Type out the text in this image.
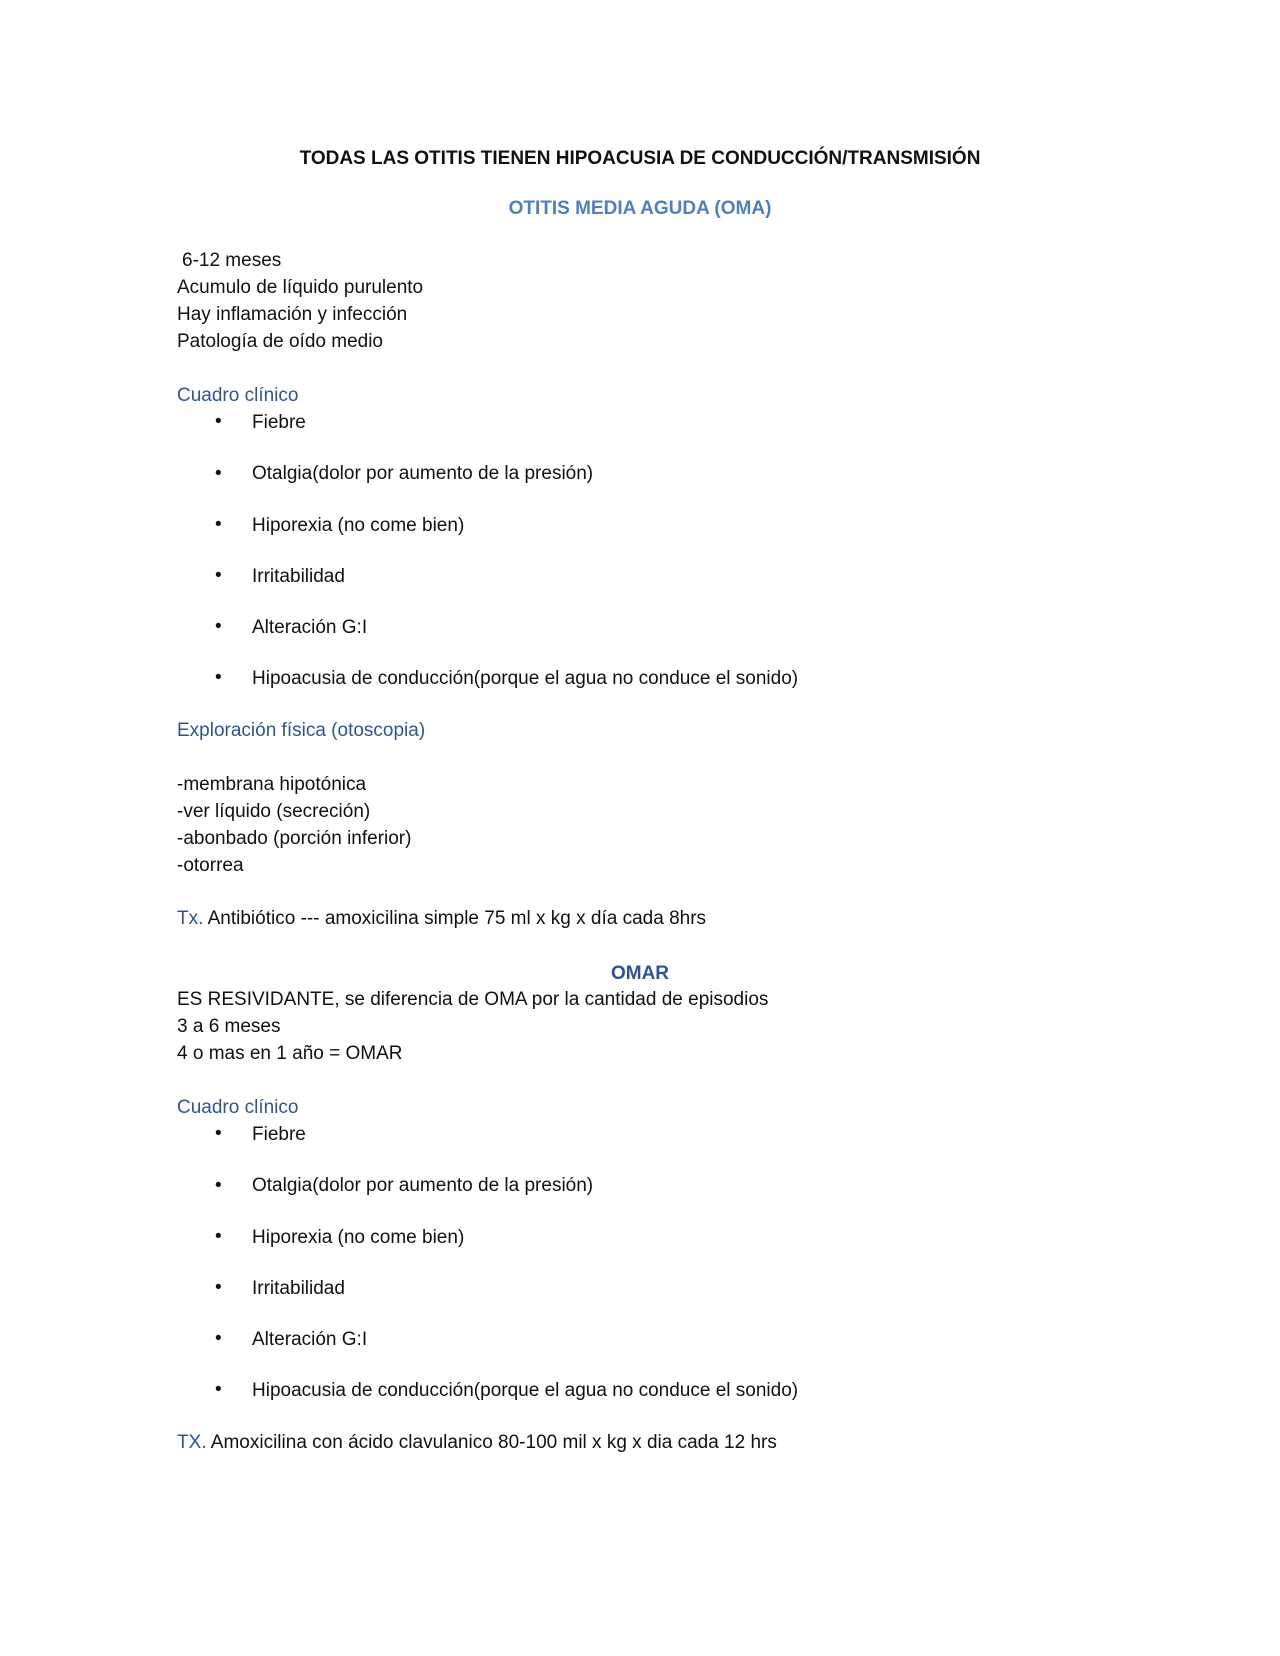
TODAS LAS OTITIS TIENEN HIPOACUSIA DE CONDUCCIÓN/TRANSMISIÓN
OTITIS MEDIA AGUDA (OMA)
6-12 meses
Acumulo de líquido purulento
Hay inflamación y infección
Patología de oído medio
Cuadro clínico
• Fiebre
• Otalgia(dolor por aumento de la presión)
• Hiporexia (no come bien)
• Irritabilidad
• Alteración G:I
• Hipoacusia de conducción(porque el agua no conduce el sonido)
Exploración física (otoscopia)
-membrana hipotónica
-ver líquido (secreción)
-abonbado (porción inferior)
-otorrea
Tx. Antibiótico --- amoxicilina simple 75 ml x kg x día cada 8hrs
OMAR
ES RESIVIDANTE, se diferencia de OMA por la cantidad de episodios
3 a 6 meses
4 o mas en 1 año = OMAR
Cuadro clínico
• Fiebre
• Otalgia(dolor por aumento de la presión)
• Hiporexia (no come bien)
• Irritabilidad
• Alteración G:I
• Hipoacusia de conducción(porque el agua no conduce el sonido)
TX. Amoxicilina con ácido clavulanico 80-100 mil x kg x dia cada 12 hrs
